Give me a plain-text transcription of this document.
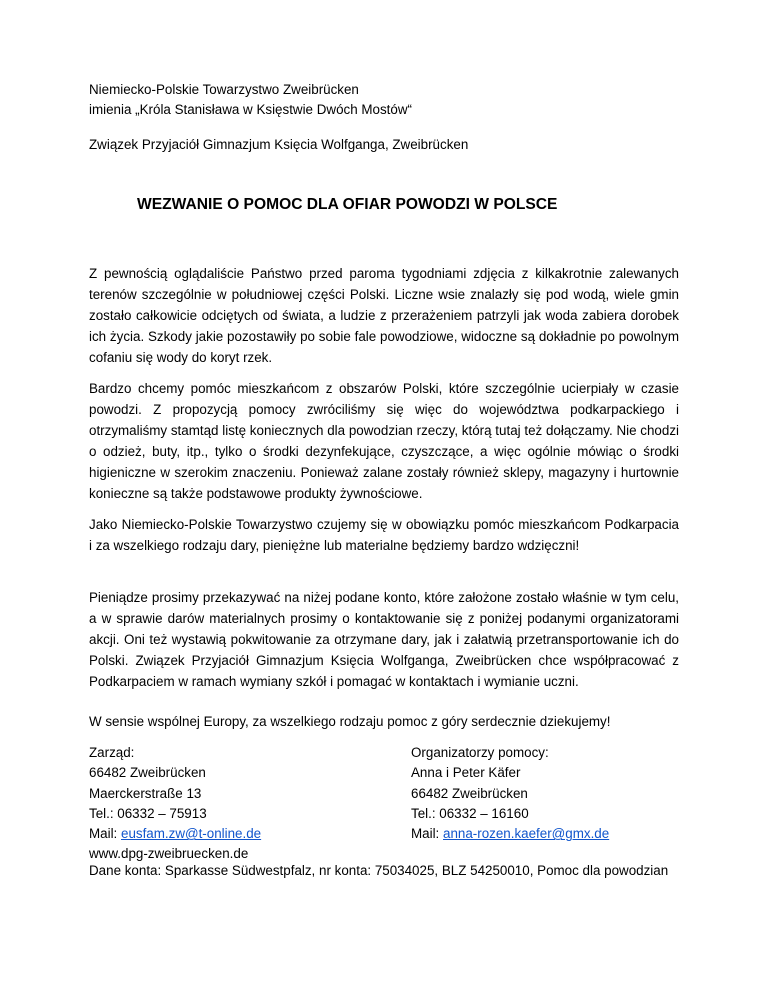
Niemiecko-Polskie Towarzystwo Zweibrücken
imienia „Króla Stanisława w Księstwie Dwóch Mostów“
Związek Przyjaciół Gimnazjum Księcia Wolfganga, Zweibrücken
WEZWANIE O POMOC DLA OFIAR POWODZI W POLSCE
Z pewnością oglądaliście Państwo przed paroma tygodniami zdjęcia z kilkakrotnie zalewanych terenów szczególnie w południowej części Polski. Liczne wsie znalazły się pod wodą, wiele gmin zostało całkowicie odciętych od świata, a ludzie z przerażeniem patrzyli jak woda zabiera dorobek ich życia. Szkody jakie pozostawiły po sobie fale powodziowe, widoczne są dokładnie po powolnym cofaniu się wody do koryt rzek.
Bardzo chcemy pomóc mieszkańcom z obszarów Polski, które szczególnie ucierpiały w czasie powodzi. Z propozycją pomocy zwróciliśmy się więc do województwa podkarpackiego i otrzymaliśmy stamtąd listę koniecznych dla powodzian rzeczy, którą tutaj też dołączamy. Nie chodzi o odzież, buty, itp., tylko o środki dezynfekujące, czyszczące, a więc ogólnie mówiąc o środki higieniczne w szerokim znaczeniu. Ponieważ zalane zostały również sklepy, magazyny i hurtownie konieczne są także podstawowe produkty żywnościowe.
Jako Niemiecko-Polskie Towarzystwo czujemy się w obowiązku pomóc mieszkańcom Podkarpacia i za wszelkiego rodzaju dary, pieniężne lub materialne będziemy bardzo wdzięczni!
Pieniądze prosimy przekazywać na niżej podane konto, które założone zostało właśnie w tym celu, a w sprawie darów materialnych prosimy o kontaktowanie się z poniżej podanymi organizatorami akcji. Oni też wystawią pokwitowanie za otrzymane dary, jak i załatwią przetransportowanie ich do Polski. Związek Przyjaciół Gimnazjum Księcia Wolfganga, Zweibrücken chce współpracować z Podkarpaciem w ramach wymiany szkół i pomagać w kontaktach i wymianie uczni.
W sensie wspólnej Europy, za wszelkiego rodzaju pomoc z góry serdecznie dziekujemy!
Zarząd:
66482 Zweibrücken
Maerckerstraße 13
Tel.: 06332 – 75913
Mail: eusfam.zw@t-online.de
www.dpg-zweibruecken.de
Organizatorzy pomocy:
Anna i Peter Käfer
66482 Zweibrücken
Tel.: 06332 – 16160
Mail: anna-rozen.kaefer@gmx.de
Dane konta: Sparkasse Südwestpfalz, nr konta: 75034025, BLZ 54250010, Pomoc dla powodzian
